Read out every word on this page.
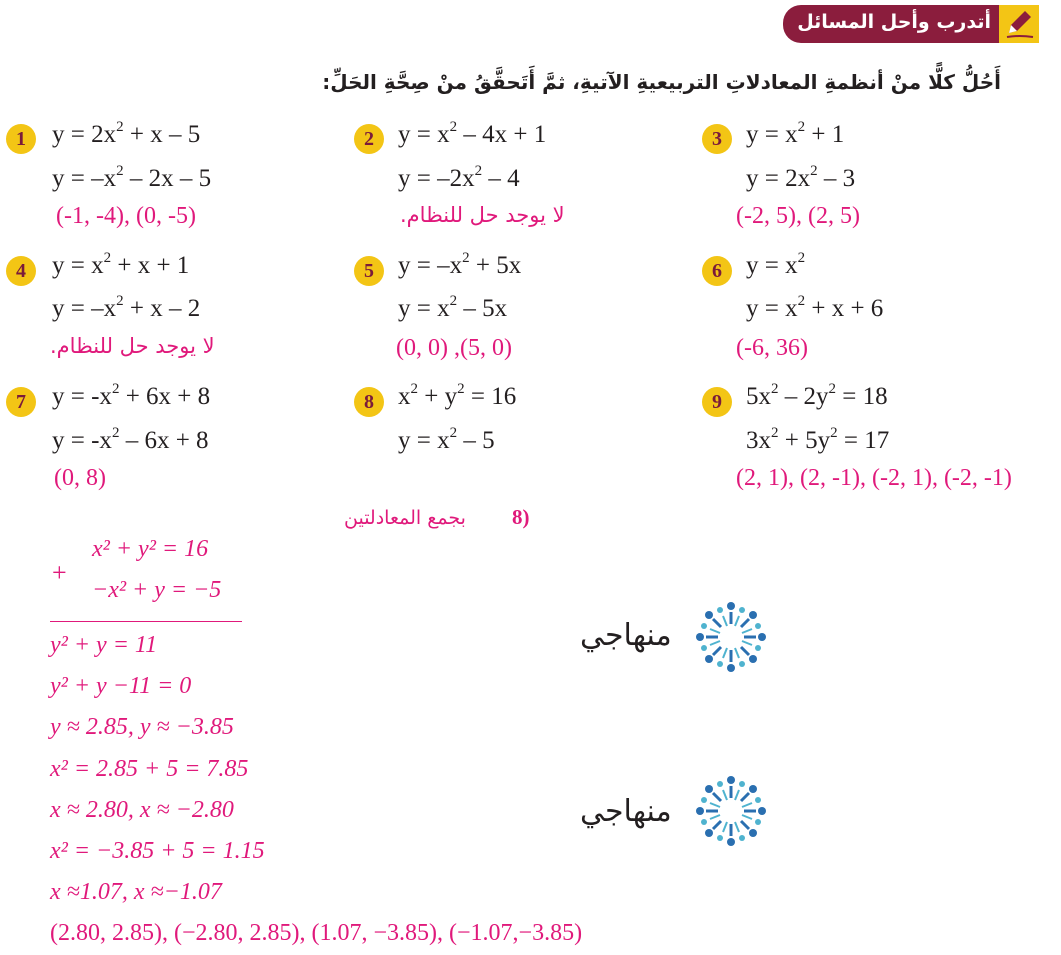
أتدرب وأحل المسائل
أَحُلُّ كلًّا منْ أنظمةِ المعادلاتِ التربيعيةِ الآتيةِ، ثمَّ أَتَحقَّقُ منْ صِحَّةِ الحَلِّ:
1	$y = 2x^2 + x - 5$
$y = -x^2 - 2x - 5$
(-1, -4), (0, -5)
2 $y = x^2 - 4x + 1$
$y = -2x^2 - 4$
لا يوجد حل للنظام.
3 $y = x^2 + 1$
$y = 2x^2 - 3$
(-2, 5), (2, 5)
4	$y = x^2 + x + 1$
$y = -x^2 + x - 2$
لا يوجد حل للنظام.
5 $y = -x^2 + 5x$
$y = x^2 - 5x$
(0, 0) ,(5, 0)
6 $y = x^2$
$y = x^2 + x + 6$
(-6, 36)
7	$y = -x^2 + 6x + 8$
$y = -x^2 - 6x + 8$
(0, 8)
8 $x^2 + y^2 = 16$
$y = x^2 - 5$
9 $5x^2 - 2y^2 = 18$
$3x^2 + 5y^2 = 17$
(2, 1), (2, -1), (-2, 1), (-2, -1)
8)
بجمع المعادلتين
+
x² + y² = 16
−x² + y = −5
y² + y = 11
y² + y −11 = 0
y ≈ 2.85, y ≈ −3.85
x² = 2.85 + 5 = 7.85
x ≈ 2.80, x ≈ −2.80
x² = −3.85 + 5 = 1.15
x ≈1.07, x ≈−1.07
(2.80, 2.85), (−2.80, 2.85), (1.07, −3.85), (−1.07,−3.85)
منهاجي
منهاجي
